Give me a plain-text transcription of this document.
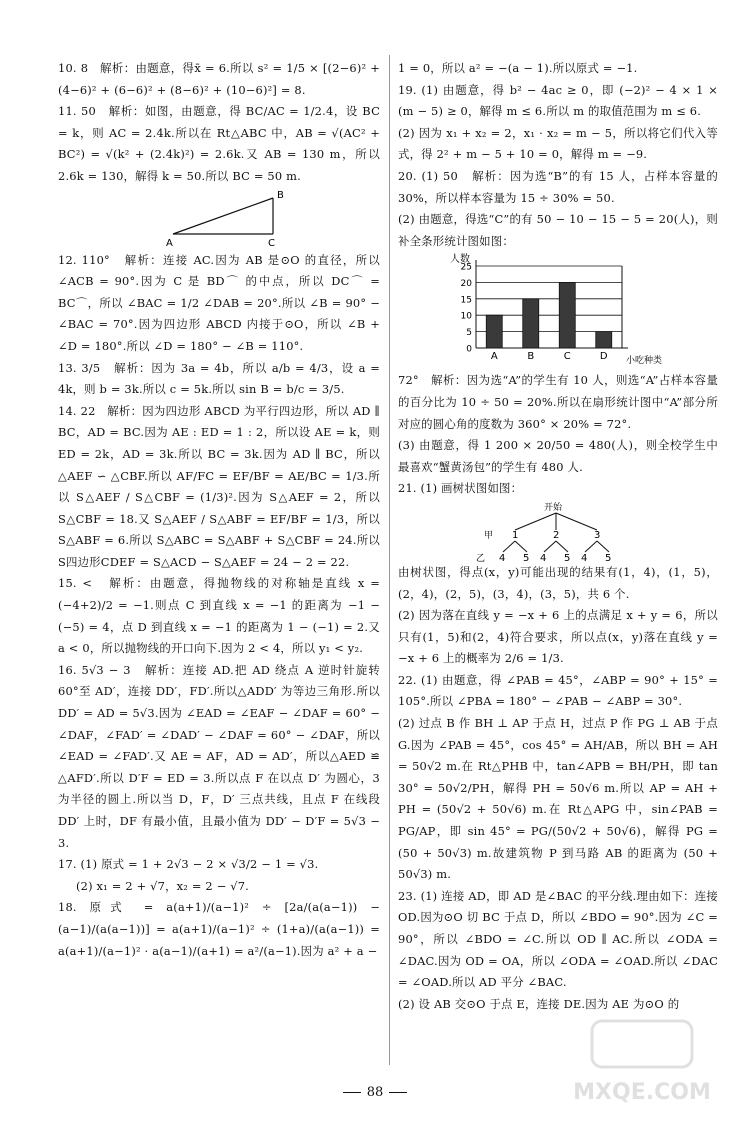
10. 8   解析：由题意，得x̄ = 6.所以 s² = 1/5 × [(2−6)² + (4−6)² + (6−6)² + (8−6)² + (10−6)²] = 8.

11. 50   解析：如图，由题意，得 BC/AC = 1/2.4，设 BC = k，则 AC = 2.4k.所以在 Rt△ABC 中，AB = √(AC² + BC²) = √(k² + (2.4k)²) = 2.6k.又 AB = 130 m，所以 2.6k = 130，解得 k = 50.所以 BC = 50 m.

A
B
C

12. 110°   解析：连接 AC.因为 AB 是⊙O 的直径，所以 ∠ACB = 90°.因为 C 是 BD⌒ 的中点，所以 DC⌒ = BC⌒，所以 ∠BAC = 1/2 ∠DAB = 20°.所以 ∠B = 90° − ∠BAC = 70°.因为四边形 ABCD 内接于⊙O，所以 ∠B + ∠D = 180°.所以 ∠D = 180° − ∠B = 110°.

13. 3/5   解析：因为 3a = 4b，所以 a/b = 4/3，设 a = 4k，则 b = 3k.所以 c = 5k.所以 sin B = b/c = 3/5.

14. 22   解析：因为四边形 ABCD 为平行四边形，所以 AD ∥ BC，AD = BC.因为 AE : ED = 1 : 2，所以设 AE = k，则 ED = 2k，AD = 3k.所以 BC = 3k.因为 AD ∥ BC，所以△AEF ∽ △CBF.所以 AF/FC = EF/BF = AE/BC = 1/3.所以 S△AEF / S△CBF = (1/3)².因为 S△AEF = 2，所以 S△CBF = 18.又 S△AEF / S△ABF = EF/BF = 1/3，所以 S△ABF = 6.所以 S△ABC = S△ABF + S△CBF = 24.所以 S四边形CDEF = S△ACD − S△AEF = 24 − 2 = 22.

15. <   解析：由题意，得抛物线的对称轴是直线 x = (−4+2)/2 = −1.则点 C 到直线 x = −1 的距离为 −1 − (−5) = 4，点 D 到直线 x = −1 的距离为 1 − (−1) = 2.又 a < 0，所以抛物线的开口向下.因为 2 < 4，所以 y₁ < y₂.

16. 5√3 − 3   解析：连接 AD.把 AD 绕点 A 逆时针旋转 60°至 AD′，连接 DD′，FD′.所以△ADD′ 为等边三角形.所以 DD′ = AD = 5√3.因为 ∠EAD = ∠EAF − ∠DAF = 60° − ∠DAF，∠FAD′ = ∠DAD′ − ∠DAF = 60° − ∠DAF，所以 ∠EAD = ∠FAD′.又 AE = AF，AD = AD′，所以△AED ≌ △AFD′.所以 D′F = ED = 3.所以点 F 在以点 D′ 为圆心，3 为半径的圆上.所以当 D，F，D′ 三点共线，且点 F 在线段 DD′ 上时，DF 有最小值，且最小值为 DD′ − D′F = 5√3 − 3.

17. (1) 原式 = 1 + 2√3 − 2 × √3/2 − 1 = √3.

(2) x₁ = 2 + √7，x₂ = 2 − √7.

18. 原式 = a(a+1)/(a−1)² ÷ [2a/(a(a−1)) − (a−1)/(a(a−1))] = a(a+1)/(a−1)² ÷ (1+a)/(a(a−1)) = a(a+1)/(a−1)² · a(a−1)/(a+1) = a²/(a−1).因为 a² + a −

1 = 0，所以 a² = −(a − 1).所以原式 = −1.

19. (1) 由题意，得 b² − 4ac ≥ 0，即 (−2)² − 4 × 1 × (m − 5) ≥ 0，解得 m ≤ 6.所以 m 的取值范围为 m ≤ 6.

(2) 因为 x₁ + x₂ = 2，x₁ · x₂ = m − 5，所以将它们代入等式，得 2² + m − 5 + 10 = 0，解得 m = −9.

20. (1) 50   解析：因为选“B”的有 15 人，占样本容量的 30%，所以样本容量为 15 ÷ 30% = 50.

(2) 由题意，得选“C”的有 50 − 10 − 15 − 5 = 20(人)，则补全条形统计图如图：

人数
小吃种类
0
5
10
15
20
25
A	B	C	D

72°   解析：因为选“A”的学生有 10 人，则选“A”占样本容量的百分比为 10 ÷ 50 = 20%.所以在扇形统计图中“A”部分所对应的圆心角的度数为 360° × 20% = 72°.

(3) 由题意，得 1 200 × 20/50 = 480(人)，则全校学生中最喜欢“蟹黄汤包”的学生有 480 人.

21. (1) 画树状图如图：

开始
甲 1	2	3
乙 4 5 4 5 4 5

由树状图，得点(x，y)可能出现的结果有(1，4)，(1，5)，(2，4)，(2，5)，(3，4)，(3，5)，共 6 个.

(2) 因为落在直线 y = −x + 6 上的点满足 x + y = 6，所以只有(1，5)和(2，4)符合要求，所以点(x，y)落在直线 y = −x + 6 上的概率为 2/6 = 1/3.

22. (1) 由题意，得 ∠PAB = 45°，∠ABP = 90° + 15° = 105°.所以 ∠PBA = 180° − ∠PAB − ∠ABP = 30°.

(2) 过点 B 作 BH ⊥ AP 于点 H，过点 P 作 PG ⊥ AB 于点 G.因为 ∠PAB = 45°，cos 45° = AH/AB，所以 BH = AH = 50√2 m.在 Rt△PHB 中，tan∠APB = BH/PH，即 tan 30° = 50√2/PH，解得 PH = 50√6 m.所以 AP = AH + PH = (50√2 + 50√6) m.在 Rt△APG 中，sin∠PAB = PG/AP，即 sin 45° = PG/(50√2 + 50√6)，解得 PG = (50 + 50√3) m.故建筑物 P 到马路 AB 的距离为 (50 + 50√3) m.

23. (1) 连接 AD，即 AD 是∠BAC 的平分线.理由如下：连接 OD.因为⊙O 切 BC 于点 D，所以 ∠BDO = 90°.因为 ∠C = 90°，所以 ∠BDO = ∠C.所以 OD ∥ AC.所以 ∠ODA = ∠DAC.因为 OD = OA，所以 ∠ODA = ∠OAD.所以 ∠DAC = ∠OAD.所以 AD 平分 ∠BAC.

(2) 设 AB 交⊙O 于点 E，连接 DE.因为 AE 为⊙O 的

88	MXQE.COM
